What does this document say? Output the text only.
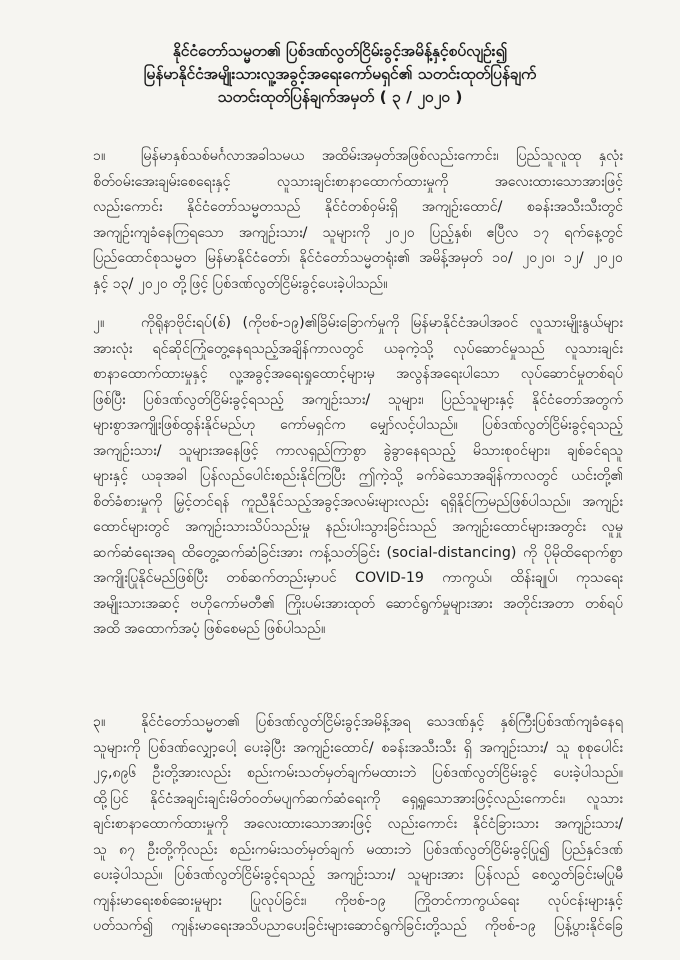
နိုင်ငံတော်သမ္မတ၏ ပြစ်ဒဏ်လွတ်ငြိမ်းခွင့်အမိန့်နှင့်စပ်လျဉ်း၍
မြန်မာနိုင်ငံအမျိုးသားလူ့အခွင့်အရေးကော်မရှင်၏ သတင်းထုတ်ပြန်ချက်
သတင်းထုတ်ပြန်ချက်အမှတ် ( ၃ / ၂၀၂၀ )
၁။	မြန်မာနှစ်သစ်မင်္ဂလာအခါသမယ အထိမ်းအမှတ်အဖြစ်လည်းကောင်း၊ ပြည်သူလူထု နှလုံး
စိတ်ဝမ်းအေးချမ်းစေရေးနှင့် လူသားချင်းစာနာထောက်ထားမှုကို အလေးထားသောအားဖြင့်
လည်းကောင်း နိုင်ငံတော်သမ္မတသည် နိုင်ငံတစ်ဝှမ်းရှိ အကျဉ်းထောင်/ စခန်းအသီးသီးတွင်
အကျဉ်းကျခံနေကြရသော အကျဉ်းသား/ သူများကို ၂၀၂၀ ပြည့်နှစ်၊ ဧပြီလ ၁၇ ရက်နေ့တွင်
ပြည်ထောင်စုသမ္မတ မြန်မာနိုင်ငံတော်၊ နိုင်ငံတော်သမ္မတရုံး၏ အမိန့်အမှတ် ၁၀/ ၂၀၂၀၊ ၁၂/ ၂၀၂၀
နှင့် ၁၃/ ၂၀၂၀ တို့ဖြင့် ပြစ်ဒဏ်လွတ်ငြိမ်းခွင့်ပေးခဲ့ပါသည်။
၂။	ကိုရိုနာဗိုင်းရပ်(စ်) (ကိုဗစ်-၁၉)၏ခြိမ်းခြောက်မှုကို မြန်မာနိုင်ငံအပါအဝင် လူသားမျိုးနွယ်များ
အားလုံး ရင်ဆိုင်ကြုံတွေ့နေရသည့်အချိန်ကာလတွင် ယခုကဲ့သို့ လုပ်ဆောင်မှုသည် လူသားချင်း
စာနာထောက်ထားမှုနှင့် လူ့အခွင့်အရေးရှုထောင့်များမှ အလွန်အရေးပါသော လုပ်ဆောင်မှုတစ်ရပ်
ဖြစ်ပြီး ပြစ်ဒဏ်လွတ်ငြိမ်းခွင့်ရသည့် အကျဉ်းသား/ သူများ၊ ပြည်သူများနှင့် နိုင်ငံတော်အတွက်
များစွာအကျိုးဖြစ်ထွန်းနိုင်မည်ဟု ကော်မရှင်က မျှော်လင့်ပါသည်။ ပြစ်ဒဏ်လွတ်ငြိမ်းခွင့်ရသည့်
အကျဉ်းသား/ သူများအနေဖြင့် ကာလရှည်ကြာစွာ ခွဲခွာနေရသည့် မိသားစုဝင်များ၊ ချစ်ခင်ရသူ
များနှင့် ယခုအခါ ပြန်လည်ပေါင်းစည်းနိုင်ကြပြီး ဤကဲ့သို့ ခက်ခဲသောအချိန်ကာလတွင် ယင်းတို့၏
စိတ်ခံစားမှုကို မြှင့်တင်ရန် ကူညီနိုင်သည့်အခွင့်အလမ်းများလည်း ရရှိနိုင်ကြမည်ဖြစ်ပါသည်။ အကျဉ်း
ထောင်များတွင် အကျဉ်းသားသိပ်သည်းမှု နည်းပါးသွားခြင်းသည် အကျဉ်းထောင်များအတွင်း လူမှု
ဆက်ဆံရေးအရ ထိတွေ့ဆက်ဆံခြင်းအား ကန့်သတ်ခြင်း (social-distancing) ကို ပိုမိုထိရောက်စွာ
အကျိုးပြုနိုင်မည်ဖြစ်ပြီး တစ်ဆက်တည်းမှာပင် COVID-19 ကာကွယ်၊ ထိန်းချုပ်၊ ကုသရေး
အမျိုးသားအဆင့် ဗဟိုကော်မတီ၏ ကြိုးပမ်းအားထုတ် ဆောင်ရွက်မှုများအား အတိုင်းအတာ တစ်ရပ်
အထိ အထောက်အပံ့ ဖြစ်စေမည် ဖြစ်ပါသည်။
၃။	နိုင်ငံတော်သမ္မတ၏ ပြစ်ဒဏ်လွတ်ငြိမ်းခွင့်အမိန့်အရ သေဒဏ်နှင့် နှစ်ကြီးပြစ်ဒဏ်ကျခံနေရ
သူများကို ပြစ်ဒဏ်လျှော့ပေါ့ ပေးခဲ့ပြီး အကျဉ်းထောင်/ စခန်းအသီးသီး ရှိ အကျဉ်းသား/ သူ စုစုပေါင်း
၂၄,၈၉၆ ဦးတို့အားလည်း စည်းကမ်းသတ်မှတ်ချက်မထားဘဲ ပြစ်ဒဏ်လွတ်ငြိမ်းခွင့် ပေးခဲ့ပါသည်။
ထို့ပြင် နိုင်ငံအချင်းချင်းမိတ်ဝတ်မပျက်ဆက်ဆံရေးကို ရှေ့ရှုသောအားဖြင့်လည်းကောင်း၊ လူသား
ချင်းစာနာထောက်ထားမှုကို အလေးထားသောအားဖြင့် လည်းကောင်း နိုင်ငံခြားသား အကျဉ်းသား/
သူ ၈၇ ဦးတို့ကိုလည်း စည်းကမ်းသတ်မှတ်ချက် မထားဘဲ ပြစ်ဒဏ်လွတ်ငြိမ်းခွင့်ပြု၍ ပြည်နှင်ဒဏ်
ပေးခဲ့ပါသည်။ ပြစ်ဒဏ်လွတ်ငြိမ်းခွင့်ရသည့် အကျဉ်းသား/ သူများအား ပြန်လည် စေလွှတ်ခြင်းမပြုမီ
ကျန်းမာရေးစစ်ဆေးမှုများ ပြုလုပ်ခြင်း၊ ကိုဗစ်-၁၉ ကြိုတင်ကာကွယ်ရေး လုပ်ငန်းများနှင့်
ပတ်သက်၍ ကျန်းမာရေးအသိပညာပေးခြင်းများဆောင်ရွက်ခြင်းတို့သည် ကိုဗစ်-၁၉ ပြန့်ပွားနိုင်ခြေ
